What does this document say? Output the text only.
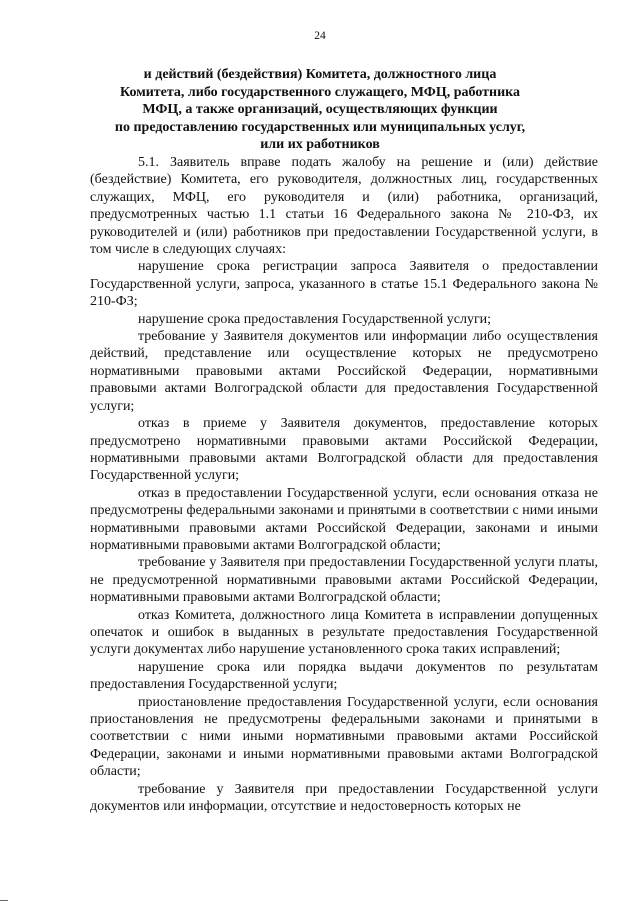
24
и действий (бездействия) Комитета, должностного лица
Комитета, либо государственного служащего, МФЦ, работника
МФЦ, а также организаций, осуществляющих функции
по предоставлению государственных или муниципальных услуг,
или их работников

5.1. Заявитель вправе подать жалобу на решение и (или) действие (бездействие) Комитета, его руководителя, должностных лиц, государственных служащих, МФЦ, его руководителя и (или) работника, организаций, предусмотренных частью 1.1 статьи 16 Федерального закона № 210-ФЗ, их руководителей и (или) работников при предоставлении Государственной услуги, в том числе в следующих случаях:

нарушение срока регистрации запроса Заявителя о предоставлении Государственной услуги, запроса, указанного в статье 15.1 Федерального закона № 210-ФЗ;

нарушение срока предоставления Государственной услуги;

требование у Заявителя документов или информации либо осуществления действий, представление или осуществление которых не предусмотрено нормативными правовыми актами Российской Федерации, нормативными правовыми актами Волгоградской области для предоставления Государственной услуги;

отказ в приеме у Заявителя документов, предоставление которых предусмотрено нормативными правовыми актами Российской Федерации, нормативными правовыми актами Волгоградской области для предоставления Государственной услуги;

отказ в предоставлении Государственной услуги, если основания отказа не предусмотрены федеральными законами и принятыми в соответствии с ними иными нормативными правовыми актами Российской Федерации, законами и иными нормативными правовыми актами Волгоградской области;

требование у Заявителя при предоставлении Государственной услуги платы, не предусмотренной нормативными правовыми актами Российской Федерации, нормативными правовыми актами Волгоградской области;

отказ Комитета, должностного лица Комитета в исправлении допущенных опечаток и ошибок в выданных в результате предоставления Государственной услуги документах либо нарушение установленного срока таких исправлений;

нарушение срока или порядка выдачи документов по результатам предоставления Государственной услуги;

приостановление предоставления Государственной услуги, если основания приостановления не предусмотрены федеральными законами и принятыми в соответствии с ними иными нормативными правовыми актами Российской Федерации, законами и иными нормативными правовыми актами Волгоградской области;

требование у Заявителя при предоставлении Государственной услуги документов или информации, отсутствие и недостоверность которых не
